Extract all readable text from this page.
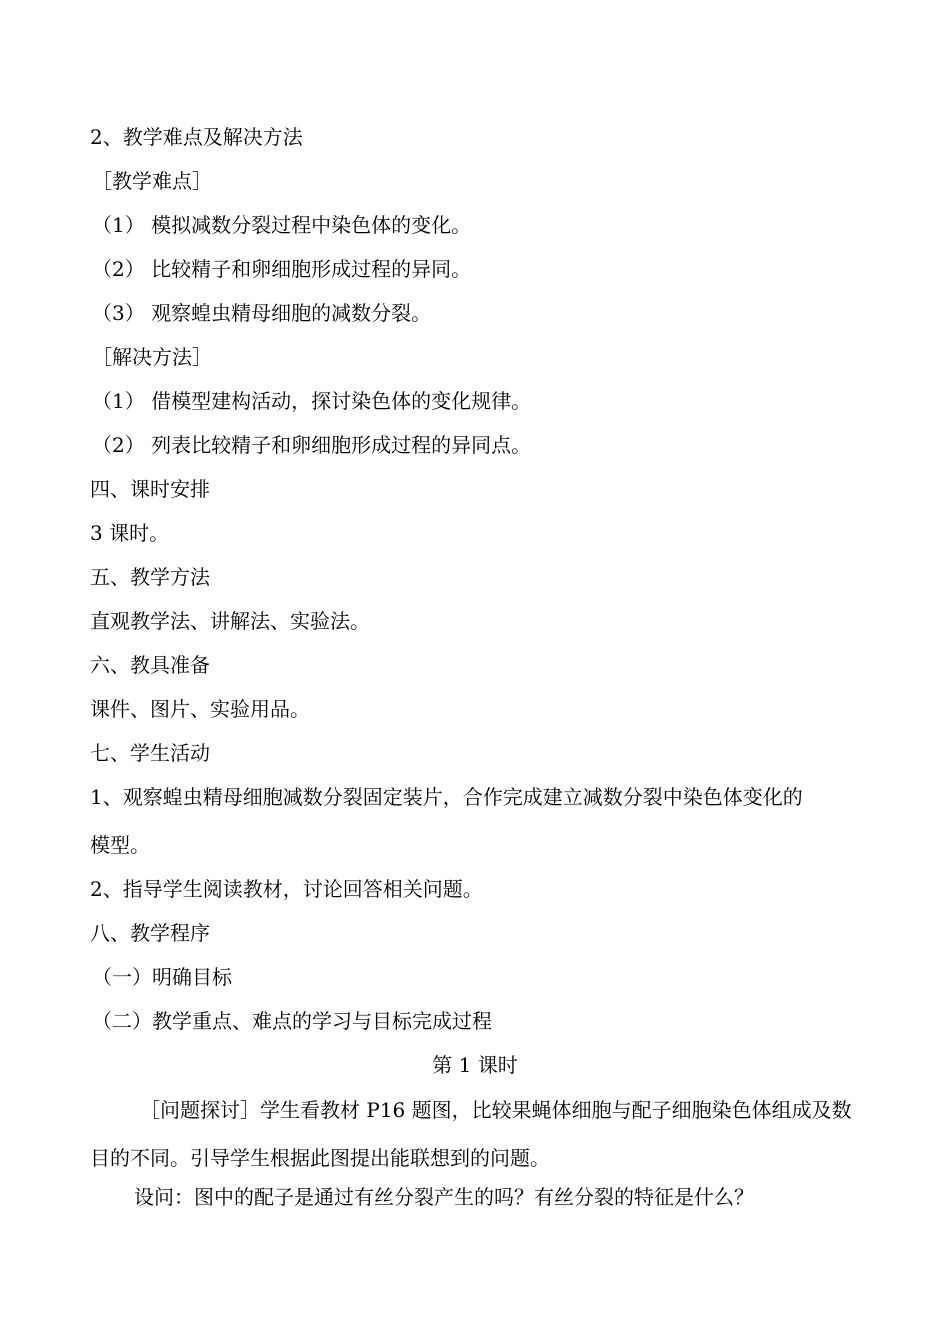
2、教学难点及解决方法
［教学难点］
（1） 模拟减数分裂过程中染色体的变化。
（2） 比较精子和卵细胞形成过程的异同。
（3） 观察蝗虫精母细胞的减数分裂。
［解决方法］
（1） 借模型建构活动，探讨染色体的变化规律。
（2） 列表比较精子和卵细胞形成过程的异同点。
四、课时安排
3 课时。
五、教学方法
直观教学法、讲解法、实验法。
六、教具准备
课件、图片、实验用品。
七、学生活动
1、观察蝗虫精母细胞减数分裂固定装片，合作完成建立减数分裂中染色体变化的
模型。
2、指导学生阅读教材，讨论回答相关问题。
八、教学程序
（一）明确目标
（二）教学重点、难点的学习与目标完成过程
第 1 课时
［问题探讨］学生看教材 P16 题图，比较果蝇体细胞与配子细胞染色体组成及数目的不同。引导学生根据此图提出能联想到的问题。
设问：图中的配子是通过有丝分裂产生的吗？有丝分裂的特征是什么？
